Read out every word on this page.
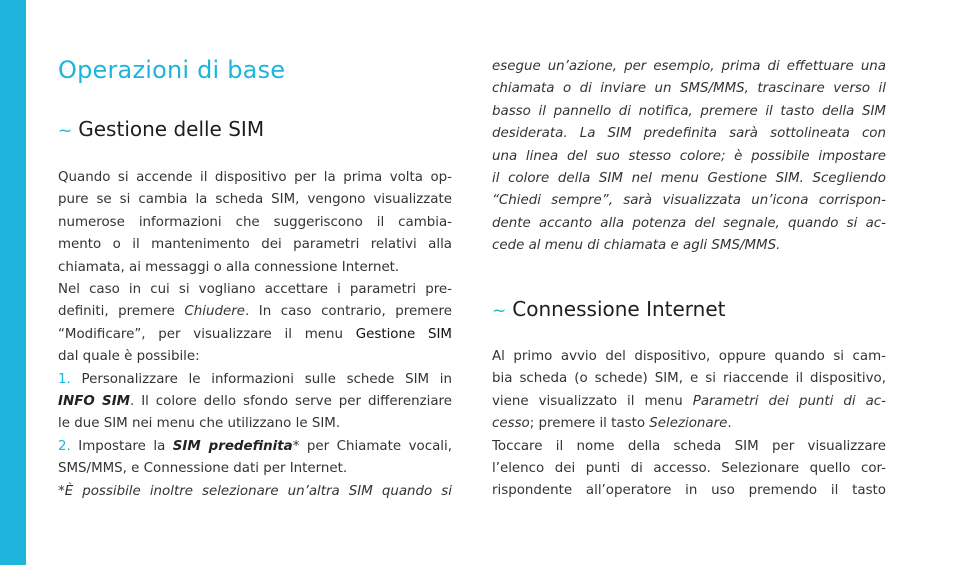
Operazioni di base
~ Gestione delle SIM
Quando si accende il dispositivo per la prima volta op-
pure se si cambia la scheda SIM, vengono visualizzate
numerose informazioni che suggeriscono il cambia-
mento o il mantenimento dei parametri relativi alla
chiamata, ai messaggi o alla connessione Internet.
Nel caso in cui si vogliano accettare i parametri pre-
definiti, premere Chiudere. In caso contrario, premere
“Modificare”, per visualizzare il menu Gestione SIM
dal quale è possibile:
1. Personalizzare le informazioni sulle schede SIM in
INFO SIM. Il colore dello sfondo serve per differenziare
le due SIM nei menu che utilizzano le SIM.
2. Impostare la SIM predefinita* per Chiamate vocali,
SMS/MMS, e Connessione dati per Internet.
*È possibile inoltre selezionare un’altra SIM quando si
esegue un’azione, per esempio, prima di effettuare una
chiamata o di inviare un SMS/MMS, trascinare verso il
basso il pannello di notifica, premere il tasto della SIM
desiderata. La SIM predefinita sarà sottolineata con
una linea del suo stesso colore; è possibile impostare
il colore della SIM nel menu Gestione SIM. Scegliendo
“Chiedi sempre”, sarà visualizzata un’icona corrispon-
dente accanto alla potenza del segnale, quando si ac-
cede al menu di chiamata e agli SMS/MMS.
~ Connessione Internet
Al primo avvio del dispositivo, oppure quando si cam-
bia scheda (o schede) SIM, e si riaccende il dispositivo,
viene visualizzato il menu Parametri dei punti di ac-
cesso; premere il tasto Selezionare.
Toccare il nome della scheda SIM per visualizzare
l’elenco dei punti di accesso. Selezionare quello cor-
rispondente all’operatore in uso premendo il tasto
